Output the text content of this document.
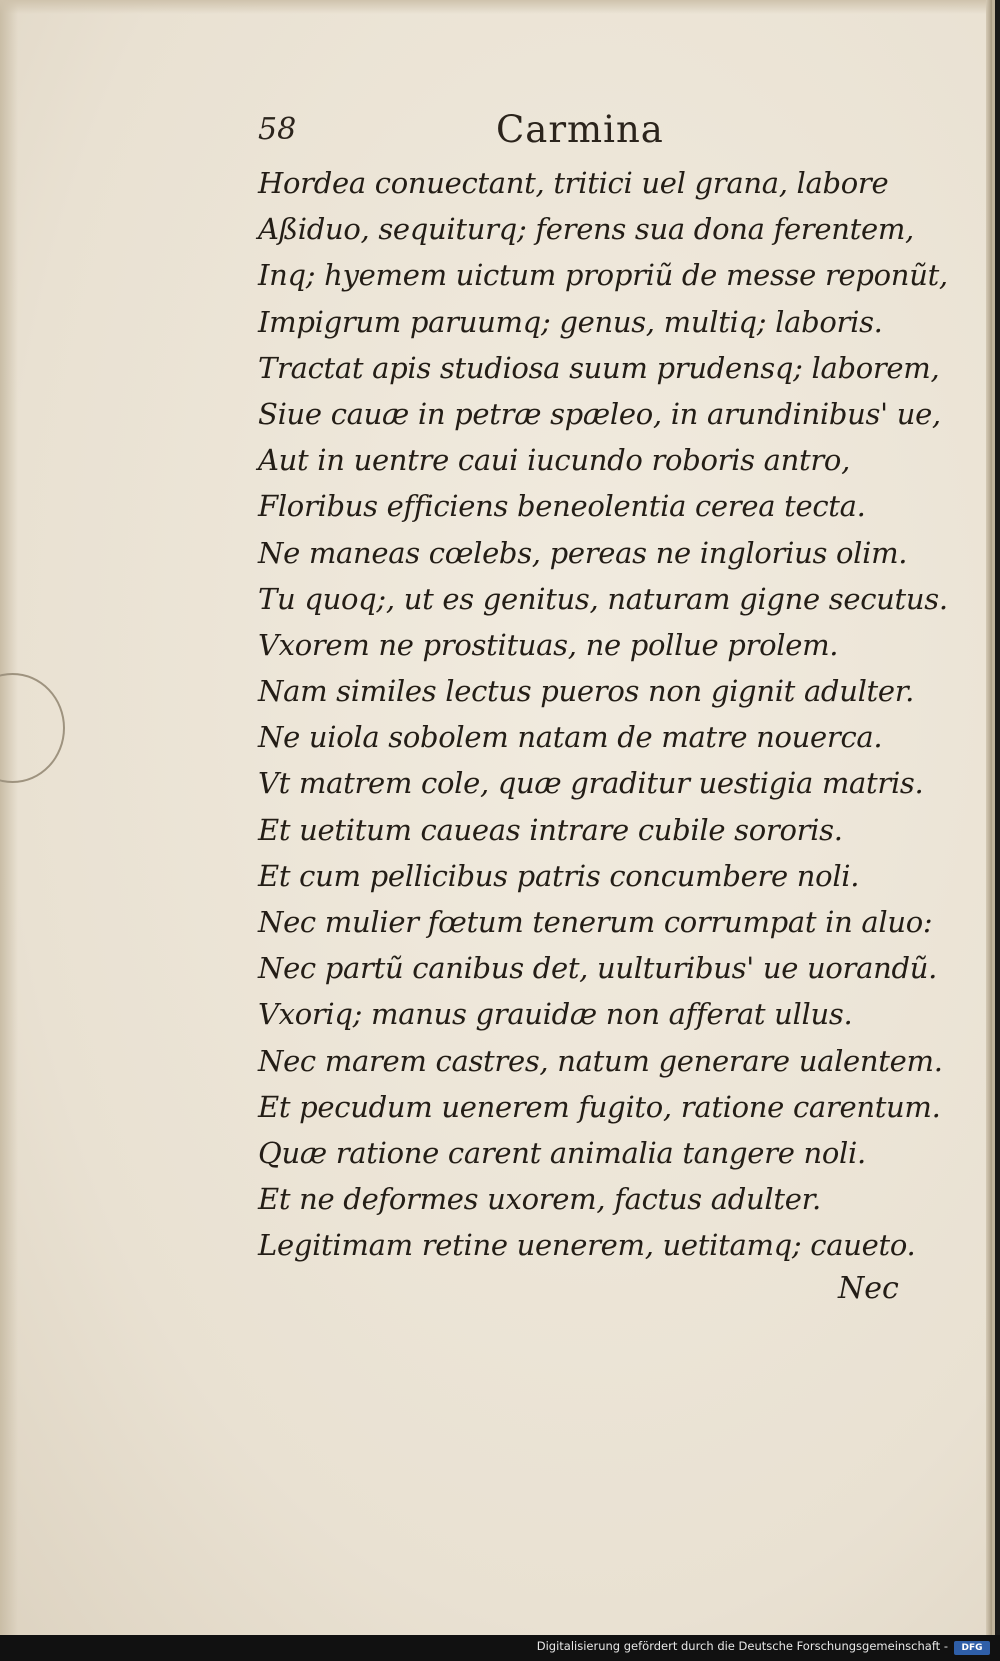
58	Carmina
Hordea conuectant, tritici uel grana, labore
Aßiduo, sequiturq; ferens sua dona ferentem,
Inq; hyemem uictum propriũ de messe reponũt,
Impigrum paruumq; genus, multiq; laboris.
Tractat apis studiosa suum prudensq; laborem,
Siue cauæ in petræ spæleo, in arundinibus' ue,
Aut in uentre caui iucundo roboris antro,
Floribus efficiens beneolentia cerea tecta.
Ne maneas cœlebs, pereas ne inglorius olim.
Tu quoq;, ut es genitus, naturam gigne secutus.
Vxorem ne prostituas, ne pollue prolem.
Nam similes lectus pueros non gignit adulter.
Ne uiola sobolem natam de matre nouerca.
Vt matrem cole, quæ graditur uestigia matris.
Et uetitum caueas intrare cubile sororis.
Et cum pellicibus patris concumbere noli.
Nec mulier fœtum tenerum corrumpat in aluo:
Nec partũ canibus det, uulturibus' ue uorandũ.
Vxoriq; manus grauidæ non afferat ullus.
Nec marem castres, natum generare ualentem.
Et pecudum uenerem fugito, ratione carentum.
Quæ ratione carent animalia tangere noli.
Et ne deformes uxorem, factus adulter.
Legitimam retine uenerem, uetitamq; caueto.
Nec
Digitalisierung gefördert durch die Deutsche Forschungsgemeinschaft -	DFG
